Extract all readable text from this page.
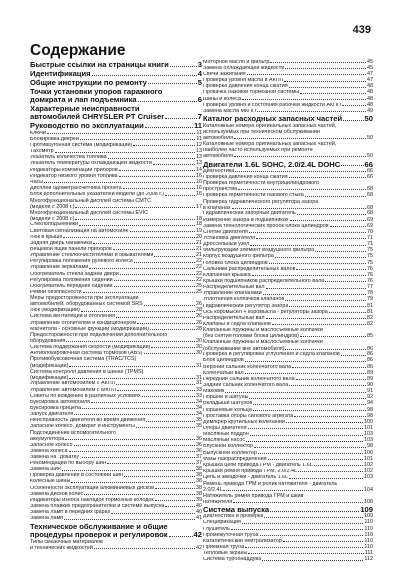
439
Содержание
Быстрые ссылки на страницы книги	3
Идентификация	4
Общие инструкции по ремонту	5
Точки установки упоров гаражного
домкрата и лап подъемника	6
Характерные неисправности
автомобилей CHRYSLER PT Cruiser	7
Руководство по эксплуатации	11
Ключи	11
Блокировка дверей	11
Противоугонная система (модификации)	12
Тахометр	13
Указатель количества топлива	13
Указатель температуры охлаждающей жидкости	13
Индикаторы комбинации приборов	14
Индикатор низкого уровня топлива	16
Часы	16
Дисплей одометра/счетчика пробега	16
Блок дополнительных указателей модели (до 2008 г.)	16
Многофункциональный дисплей системы CMTC
(модели с 2008 г.)	17
Многофункциональный дисплей системы EVIC
(модели с 2008 г.)	18
Стеклоподъемники	18
Световая сигнализация на автомобиле	19
Люк в крыше	20
Задняя дверь багажника	21
Вещевой ящик панели приборов	21
Управление стеклоочистителями и омывателями	21
Регулировка положения рулевого колеса	22
Управление зеркалами	22
Обогреватель стекла задней двери	22
Регулировка положения сидений	22
Обогреватель передних сидений	25
Ремни безопасности	25
Меры предосторожности при эксплуатации
автомобилей, оборудованных системой SRS	26
Люк (модификации)	28
Система вентиляции и отопления	26
Управление отопителем и кондиционером	26
Магнитола - основные функции (модификации)	28
Предосторожности при подключении дополнительного
оборудования	30
Система поддержания скорости (модификации)	30
Антиблокировочная система тормозов (ABS)	30
Противобуксовочная система (TRAC/TCS)
(модификации)	31
Система контроля давления в шинах (TPMS)
(модификации)	31
Управление автомобилем с АКПП	31
Управление автомобилем с МКПП	33
Советы по вождению в различных условиях	33
Буксировка автомобиля	34
Буксировка прицепа	34
Запуск двигателя	34
Неисправность двигателя во время движения	35
Запасное колесо, домкрат и инструменты	35
Подсоединение вспомогательного
аккумулятора	36
Запасное колесо	36
Замена колеса	36
Замена на "докатку"	37
Рекомендации по выбору шин	37
Замена шин	38
Проверка давления в состоянии шин	38
Колесные шины	38
Особенности эксплуатации алюминиевых дисков	38
Замена дисков колес	38
Индикаторы износа накладок тормозных колодок	39
Замена плавких предохранителей и системе выпуска	40
Замена ламп в передних фарах	40
Замена ламп	41
Техническое обслуживание и общие
процедуры проверок и регулировок	42
Типы смазочных материалов
и технических жидкостей	42
Моторное масло и фильтр	45
Замена охлаждающей жидкости	45
Свечи зажигания	47
Проверка уровня масла в АКПП	47
Проверка давления конца сжатия	48
Прокачка базовой тормозной системы	48
Шины и колеса	48
Проверка уровня и состояния рабочей жидкости АКПП	48
Замена масла МКПП	49
Каталог расходных запасных частей	50
Каталожные номера оригинальных запасных частей,
используемых при техническом обслуживании
автомобиля	50
Каталожные номера оригинальных запасных частей,
наиболее часто используемых при ремонте
автомобиля	50
Двигатели 1.6L SOHC, 2.0/2.4L DOHC	66
Диагностика	66
Проверка давления конца сжатия	66
Проверка герметичности внутрицилиндрового
пространства	68
Проверка герметичности газового стыка	68
Проверка гидравлического регулятора зазора
в клапанах	68
Гидравлический запорный двигатель	68
Измерение зазора в подшипниках	69
Замена технологических пробок блока цилиндров	69
Снятие двигателя	70
Установка двигателя	71
Дроссельный узел	71
Фильтрующий элемент воздушного фильтра	75
Корпус воздушного фильтра	75
Головка блока цилиндров	75
Сальники распределительных валов	76
Клапанная крышка	76
Крышки подшипников распределительного вала	76
Распределительный вал	77
Управление клапанами	78
Уплотнения колпачков клапанов	79
Гидравлический регулятор зазора	81
Ось коромысел + коромысла - регуляторы зазора	81
Распределительный вал	82
Клапаны и седла клапанов	82
Клапанные пружины и маслосъемные колпачки
(без снятия головки блока цилиндров)	85
Клапанные пружины и маслосъемные колпачки
(обслуживание вне автомобиля)	86
Проверка и регулировка углубления и седла клапанов	86
Блок цилиндров	86
Верхний сальник коленчатого вала	86
Коленчатый вал	89
Передний сальник коленчатого вала	89
Задний сальник коленчатого вала	90
Маховик	91
Поршни и шатуны	92
Вкладыши шатунов	94
Поршневые кольца	98
Проставка опоры силового агрегата	98
Демпфер крутильных колебаний	100
Опоры двигателя	101
Масляный поддон	103
Масляный насос	103
Впускной коллектор	98
Выпускной коллектор	100
Фазы газораспределения	101
Крышка цепи привода ГРМ - двигатель 1.6L	102
Крышки ремня привода ГРМ, 2.0/2.4L	102
Цепь и звездочки - двигатель 1.6L	103
Ремень привода ГРМ и ролик натяжителя - двигатель
2.0/2.4L	104
Натяжитель ремня привода ГРМ и шкив
натяжителя	108
Система выпуска	109
Диагностика и проверка	109
Спецификация	110
Глушитель	110
Промежуточная труба	110
Каталитический нейтрализатор	110
Приемная труба	110
Тепловые экраны	111
Система турбонаддува	112
